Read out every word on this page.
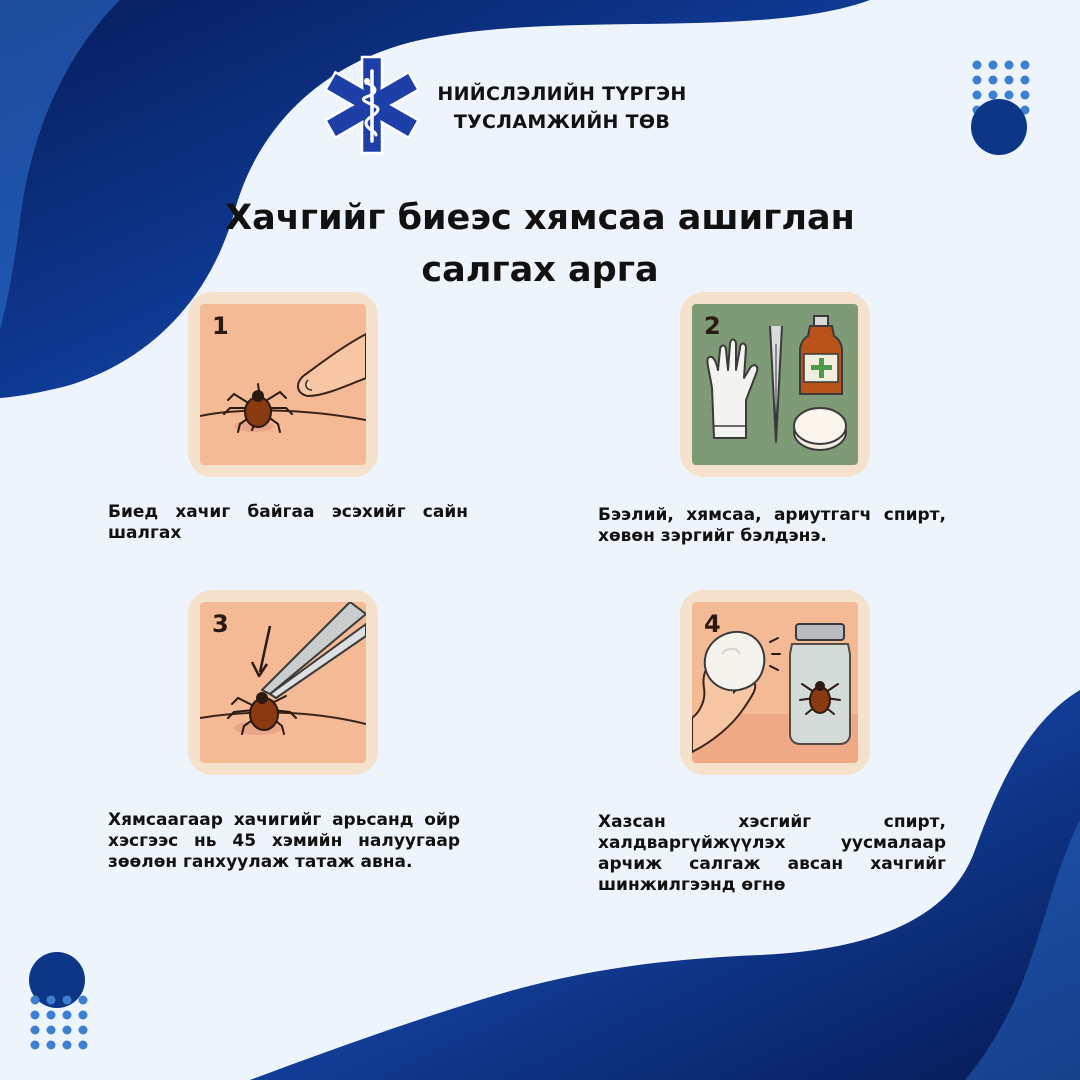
НИЙСЛЭЛИЙН ТҮРГЭН
ТУСЛАМЖИЙН ТӨВ
Хачгийг биеэс хямсаа ашиглан
салгах арга
1	2
3	4
Биед хачиг байгаа эсэхийг сайн шалгах
Бээлий, хямсаа, ариутгагч спирт, хөвөн зэргийг бэлдэнэ.
Хямсаагаар хачигийг арьсанд ойр хэсгээс нь 45 хэмийн налуугаар зөөлөн ганхуулаж татаж авна.
Хазсан хэсгийг спирт, халдваргүйжүүлэх уусмалаар арчиж салгаж авсан хачгийг шинжилгээнд өгнө
